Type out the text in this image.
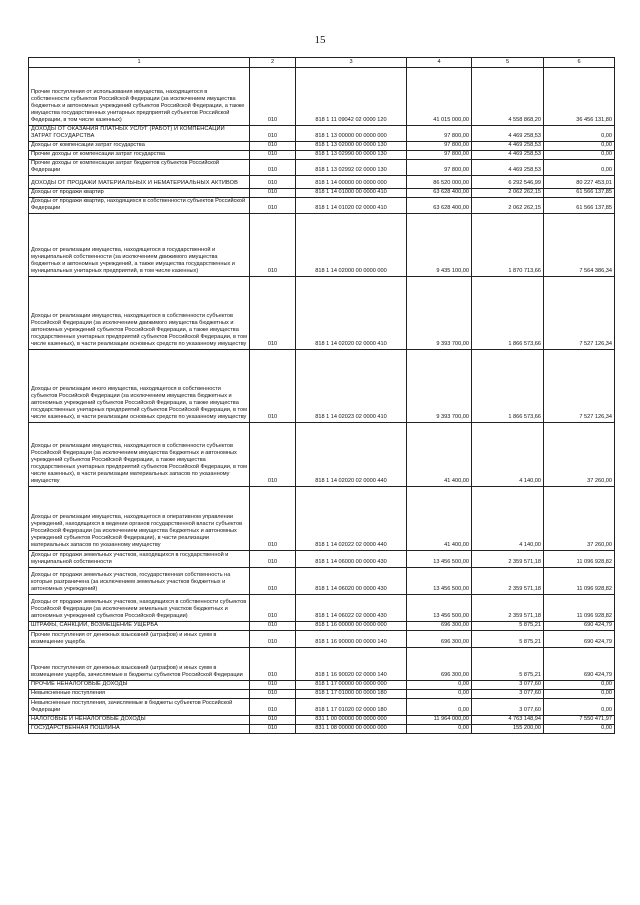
15
1	2	3	4	5	6
Прочие поступления от использования имущества, находящегося в собственности субъектов Российской Федерации (за исключением имущества бюджетных и автономных учреждений субъектов Российской Федерации, а также имущества государственных унитарных предприятий субъектов Российской Федерации, в том числе казенных)	010	818 1 11 09042 02 0000 120	41 015 000,00	4 558 868,20	36 456 131,80
ДОХОДЫ ОТ ОКАЗАНИЯ ПЛАТНЫХ УСЛУГ (РАБОТ) И КОМПЕНСАЦИИ ЗАТРАТ ГОСУДАРСТВА	010	818 1 13 00000 00 0000 000	97 800,00	4 469 258,53	0,00
Доходы от компенсации затрат государства	010	818 1 13 02000 00 0000 130	97 800,00	4 469 258,53	0,00
Прочие доходы от компенсации затрат государства	010	818 1 13 02990 00 0000 130	97 800,00	4 469 258,53	0,00
Прочие доходы от компенсации затрат бюджетов субъектов Российской Федерации	010	818 1 13 02992 02 0000 130	97 800,00	4 469 258,53	0,00
ДОХОДЫ ОТ ПРОДАЖИ МАТЕРИАЛЬНЫХ И НЕМАТЕРИАЛЬНЫХ АКТИВОВ	010	818 1 14 00000 00 0000 000	86 520 000,00	6 292 546,99	80 227 453,01
Доходы от продажи квартир	010	818 1 14 01000 00 0000 410	63 628 400,00	2 062 262,15	61 566 137,85
Доходы от продажи квартир, находящихся в собственности субъектов Российской Федерации	010	818 1 14 01020 02 0000 410	63 628 400,00	2 062 262,15	61 566 137,85
Доходы от реализации имущества, находящегося в государственной и муниципальной собственности (за исключением движимого имущества бюджетных и автономных учреждений, а также имущества государственных и муниципальных унитарных предприятий, в том числе казенных)	010	818 1 14 02000 00 0000 000	9 435 100,00	1 870 713,66	7 564 386,34
Доходы от реализации имущества, находящегося в собственности субъектов Российской Федерации (за исключением движимого имущества бюджетных и автономных учреждений субъектов Российской Федерации, а также имущества государственных унитарных предприятий субъектов Российской Федерации, в том числе казенных), в части реализации основных средств по указанному имуществу	010	818 1 14 02020 02 0000 410	9 393 700,00	1 866 573,66	7 527 126,34
Доходы от реализации иного имущества, находящегося в собственности субъектов Российской Федерации (за исключением имущества бюджетных и автономных учреждений субъектов Российской Федерации, а также имущества государственных унитарных предприятий субъектов Российской Федерации, в том числе казенных), в части реализации основных средств по указанному имуществу	010	818 1 14 02023 02 0000 410	9 393 700,00	1 866 573,66	7 527 126,34
Доходы от реализации имущества, находящегося в собственности субъектов Российской Федерации (за исключением имущества бюджетных и автономных учреждений субъектов Российской Федерации, а также имущества государственных унитарных предприятий субъектов Российской Федерации, в том числе казенных), в части реализации материальных запасов по указанному имуществу	010	818 1 14 02020 02 0000 440	41 400,00	4 140,00	37 260,00
Доходы от реализации имущества, находящегося в оперативном управлении учреждений, находящихся в ведении органов государственной власти субъектов Российской Федерации (за исключением имущества бюджетных и автономных учреждений субъектов Российской Федерации), в части реализации материальных запасов по указанному имуществу	010	818 1 14 02022 02 0000 440	41 400,00	4 140,00	37 260,00
Доходы от продажи земельных участков, находящихся в государственной и муниципальной собственности	010	818 1 14 06000 00 0000 430	13 456 500,00	2 359 571,18	11 096 928,82
Доходы от продажи земельных участков, государственная собственность на которые разграничена (за исключением земельных участков бюджетных и автономных учреждений)	010	818 1 14 06020 00 0000 430	13 456 500,00	2 359 571,18	11 096 928,82
Доходы от продажи земельных участков, находящихся в собственности субъектов Российской Федерации (за исключением земельных участков бюджетных и автономных учреждений субъектов Российской Федерации)	010	818 1 14 06022 02 0000 430	13 456 500,00	2 359 571,18	11 096 928,82
ШТРАФЫ, САНКЦИИ, ВОЗМЕЩЕНИЕ УЩЕРБА	010	818 1 16 00000 00 0000 000	696 300,00	5 875,21	690 424,79
Прочие поступления от денежных взысканий (штрафов) и иных сумм в возмещение ущерба	010	818 1 16 90000 00 0000 140	696 300,00	5 875,21	690 424,79
Прочие поступления от денежных взысканий (штрафов) и иных сумм в возмещение ущерба, зачисляемые в бюджеты субъектов Российской Федерации	010	818 1 16 90020 02 0000 140	696 300,00	5 875,21	690 424,79
ПРОЧИЕ НЕНАЛОГОВЫЕ ДОХОДЫ	010	818 1 17 00000 00 0000 000	0,00	3 077,60	0,00
Невыясненные поступления	010	818 1 17 01000 00 0000 180	0,00	3 077,60	0,00
Невыясненные поступления, зачисляемые в бюджеты субъектов Российской Федерации	010	818 1 17 01020 02 0000 180	0,00	3 077,60	0,00
НАЛОГОВЫЕ И НЕНАЛОГОВЫЕ ДОХОДЫ	010	831 1 00 00000 00 0000 000	11 964 000,00	4 763 148,94	7 550 471,97
ГОСУДАРСТВЕННАЯ ПОШЛИНА	010	831 1 08 00000 00 0000 000	0,00	155 200,00	0,00
